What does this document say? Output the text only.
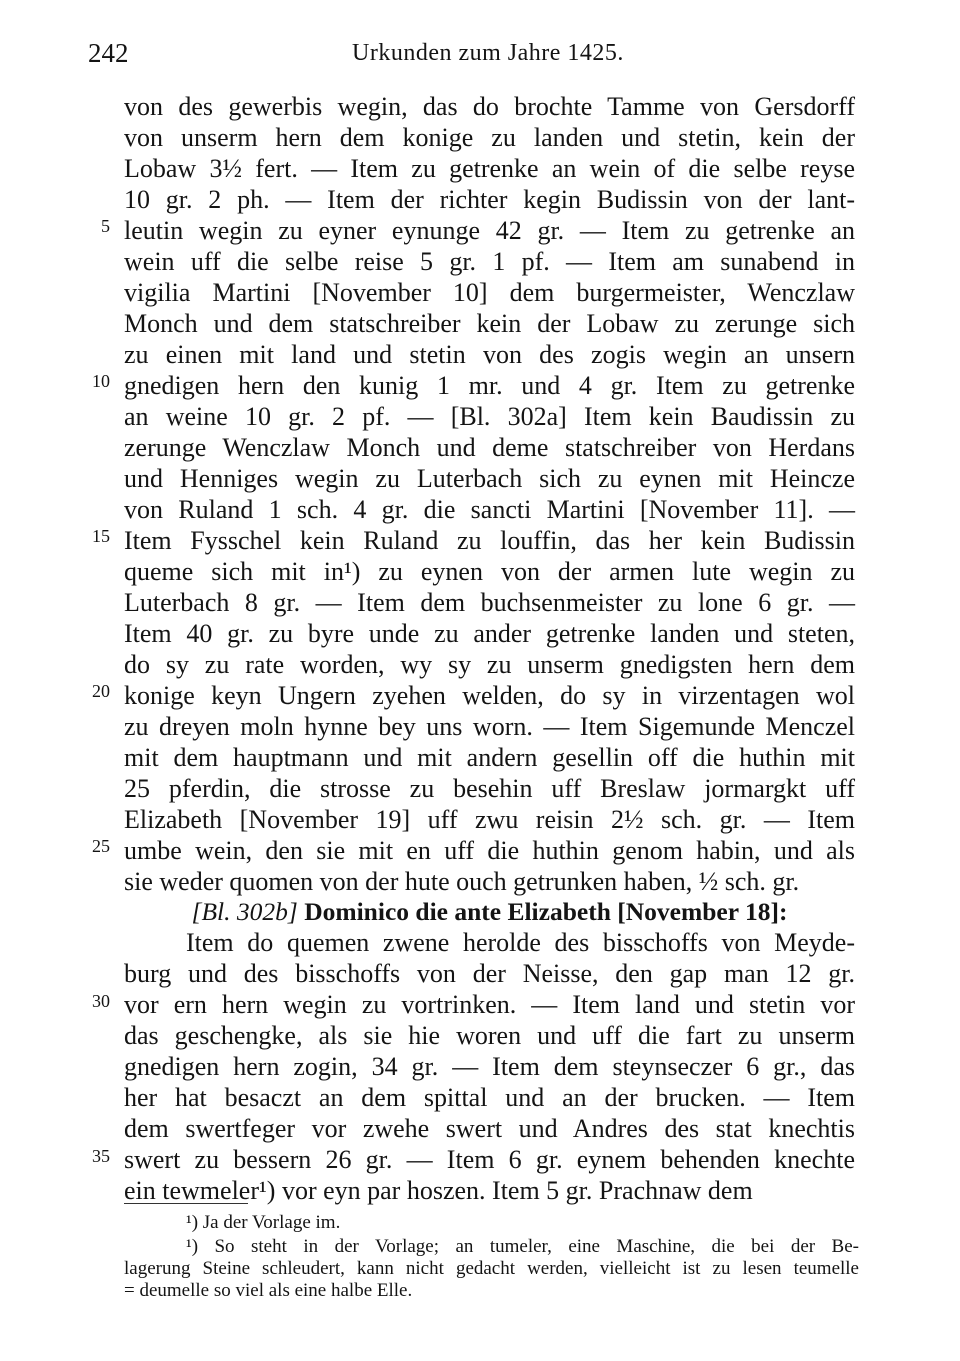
242	Urkunden zum Jahre 1425.
von des gewerbis wegin, das do brochte Tamme von Gersdorff
von unserm hern dem konige zu landen und stetin, kein der
Lobaw 3½ fert. — Item zu getrenke an wein of die selbe reyse
10 gr. 2 ph. — Item der richter kegin Budissin von der lant-
leutin wegin zu eyner eynunge 42 gr. — Item zu getrenke an
wein uff die selbe reise 5 gr. 1 pf. — Item am sunabend in
vigilia Martini [November 10] dem burgermeister, Wenczlaw
Monch und dem statschreiber kein der Lobaw zu zerunge sich
zu einen mit land und stetin von des zogis wegin an unsern
gnedigen hern den kunig 1 mr. und 4 gr. Item zu getrenke
an weine 10 gr. 2 pf. — [Bl. 302a] Item kein Baudissin zu
zerunge Wenczlaw Monch und deme statschreiber von Herdans
und Henniges wegin zu Luterbach sich zu eynen mit Heincze
von Ruland 1 sch. 4 gr. die sancti Martini [November 11]. —
Item Fysschel kein Ruland zu louffin, das her kein Budissin
queme sich mit in¹) zu eynen von der armen lute wegin zu
Luterbach 8 gr. — Item dem buchsenmeister zu lone 6 gr. —
Item 40 gr. zu byre unde zu ander getrenke landen und steten,
do sy zu rate worden, wy sy zu unserm gnedigsten hern dem
konige keyn Ungern zyehen welden, do sy in virzentagen wol
zu dreyen moln hynne bey uns worn. — Item Sigemunde Menczel
mit dem hauptmann und mit andern gesellin off die huthin mit
25 pferdin, die strosse zu besehin uff Breslaw jormargkt uff
Elizabeth [November 19] uff zwu reisin 2½ sch. gr. — Item
umbe wein, den sie mit en uff die huthin genom habin, und als
sie weder quomen von der hute ouch getrunken haben, ½ sch. gr.
[Bl. 302b] Dominico die ante Elizabeth [November 18]:
Item do quemen zwene herolde des bisschoffs von Meyde-
burg und des bisschoffs von der Neisse, den gap man 12 gr.
vor ern hern wegin zu vortrinken. — Item land und stetin vor
das geschengke, als sie hie woren und uff die fart zu unserm
gnedigen hern zogin, 34 gr. — Item dem steynseczer 6 gr., das
her hat besaczt an dem spittal und an der brucken. — Item
dem swertfeger vor zwehe swert und Andres des stat knechtis
swert zu bessern 26 gr. — Item 6 gr. eynem behenden knechte
ein tewmeler¹) vor eyn par hoszen. Item 5 gr. Prachnaw dem
5
10
15
20
25
30
35
¹) Ja der Vorlage im.
¹) So steht in der Vorlage; an tumeler, eine Maschine, die bei der Be-
lagerung Steine schleudert, kann nicht gedacht werden, vielleicht ist zu lesen teumelle
= deumelle so viel als eine halbe Elle.
